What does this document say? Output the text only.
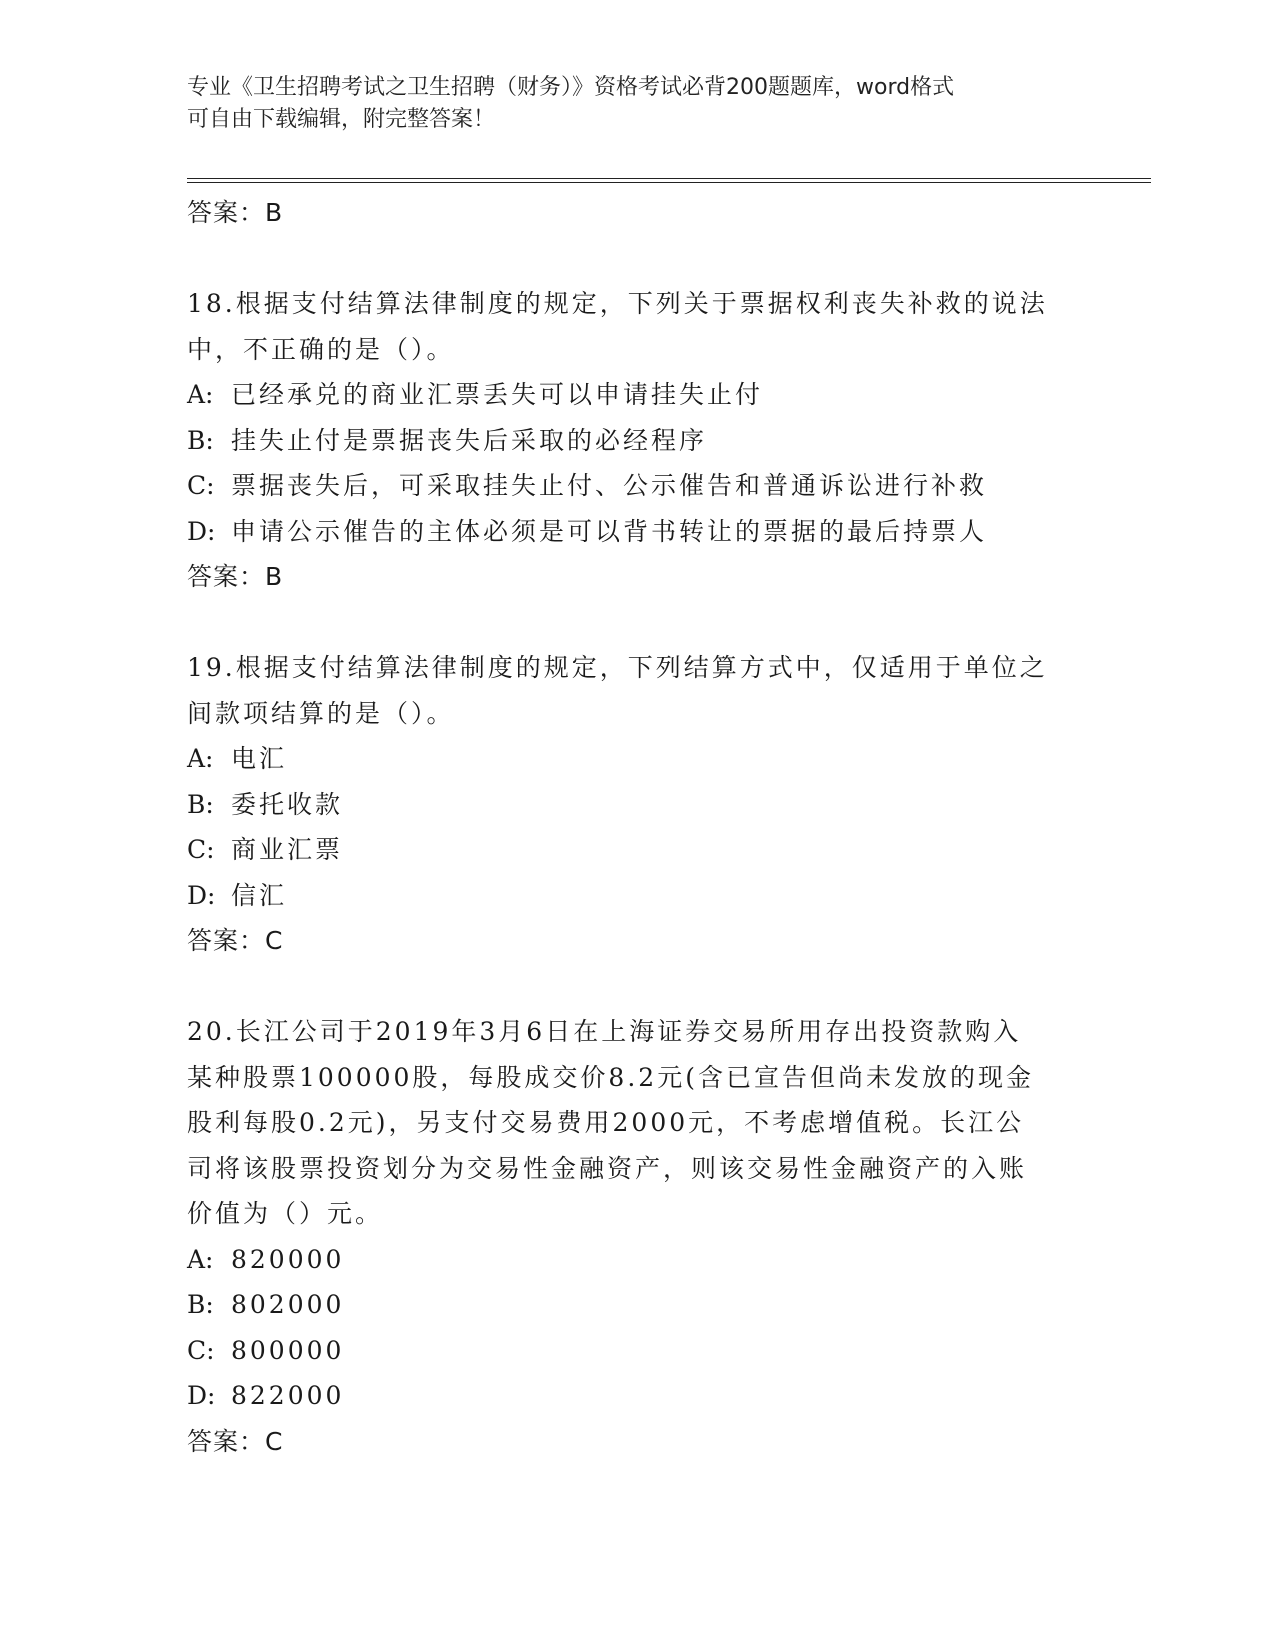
专业《卫生招聘考试之卫生招聘（财务）》资格考试必背200题题库，word格式
可自由下载编辑，附完整答案！
答案：B
18.根据支付结算法律制度的规定，下列关于票据权利丧失补救的说法
中，不正确的是（）。
A: 已经承兑的商业汇票丢失可以申请挂失止付
B: 挂失止付是票据丧失后采取的必经程序
C: 票据丧失后，可采取挂失止付、公示催告和普通诉讼进行补救
D: 申请公示催告的主体必须是可以背书转让的票据的最后持票人
答案：B
19.根据支付结算法律制度的规定，下列结算方式中，仅适用于单位之
间款项结算的是（）。
A: 电汇
B: 委托收款
C: 商业汇票
D: 信汇
答案：C
20.长江公司于2019年3月6日在上海证券交易所用存出投资款购入
某种股票100000股，每股成交价8.2元(含已宣告但尚未发放的现金
股利每股0.2元)，另支付交易费用2000元，不考虑增值税。长江公
司将该股票投资划分为交易性金融资产，则该交易性金融资产的入账
价值为（）元。
A: 820000
B: 802000
C: 800000
D: 822000
答案：C
